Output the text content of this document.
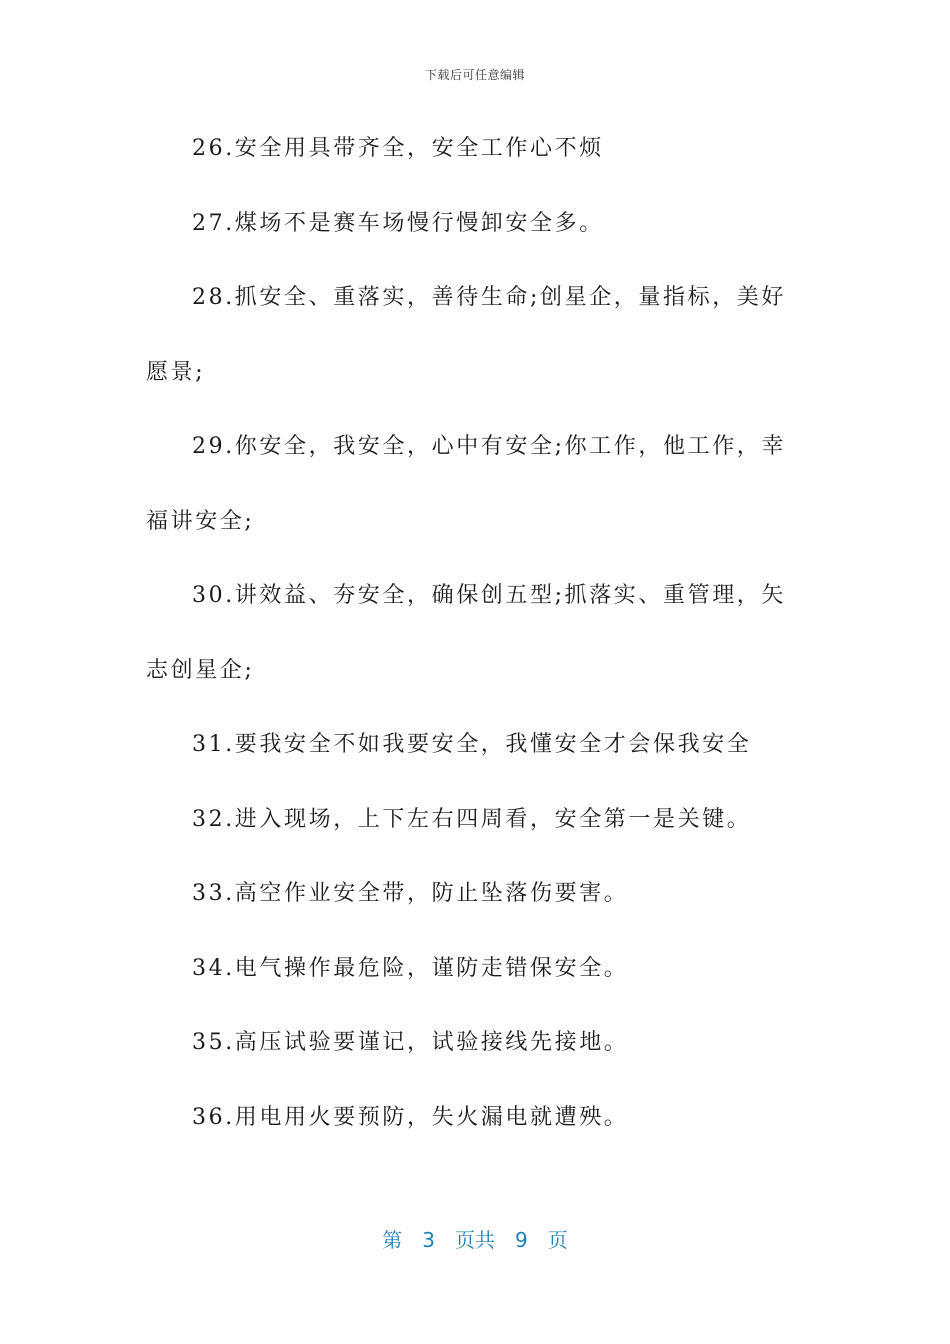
下载后可任意编辑

26.安全用具带齐全，安全工作心不烦

27.煤场不是赛车场慢行慢卸安全多。

28.抓安全、重落实，善待生命;创星企，量指标，美好愿景;

29.你安全，我安全，心中有安全;你工作，他工作，幸福讲安全;

30.讲效益、夯安全，确保创五型;抓落实、重管理，矢志创星企;

31.要我安全不如我要安全，我懂安全才会保我安全

32.进入现场，上下左右四周看，安全第一是关键。

33.高空作业安全带，防止坠落伤要害。

34.电气操作最危险，谨防走错保安全。

35.高压试验要谨记，试验接线先接地。

36.用电用火要预防，失火漏电就遭殃。

第 3 页共 9 页
